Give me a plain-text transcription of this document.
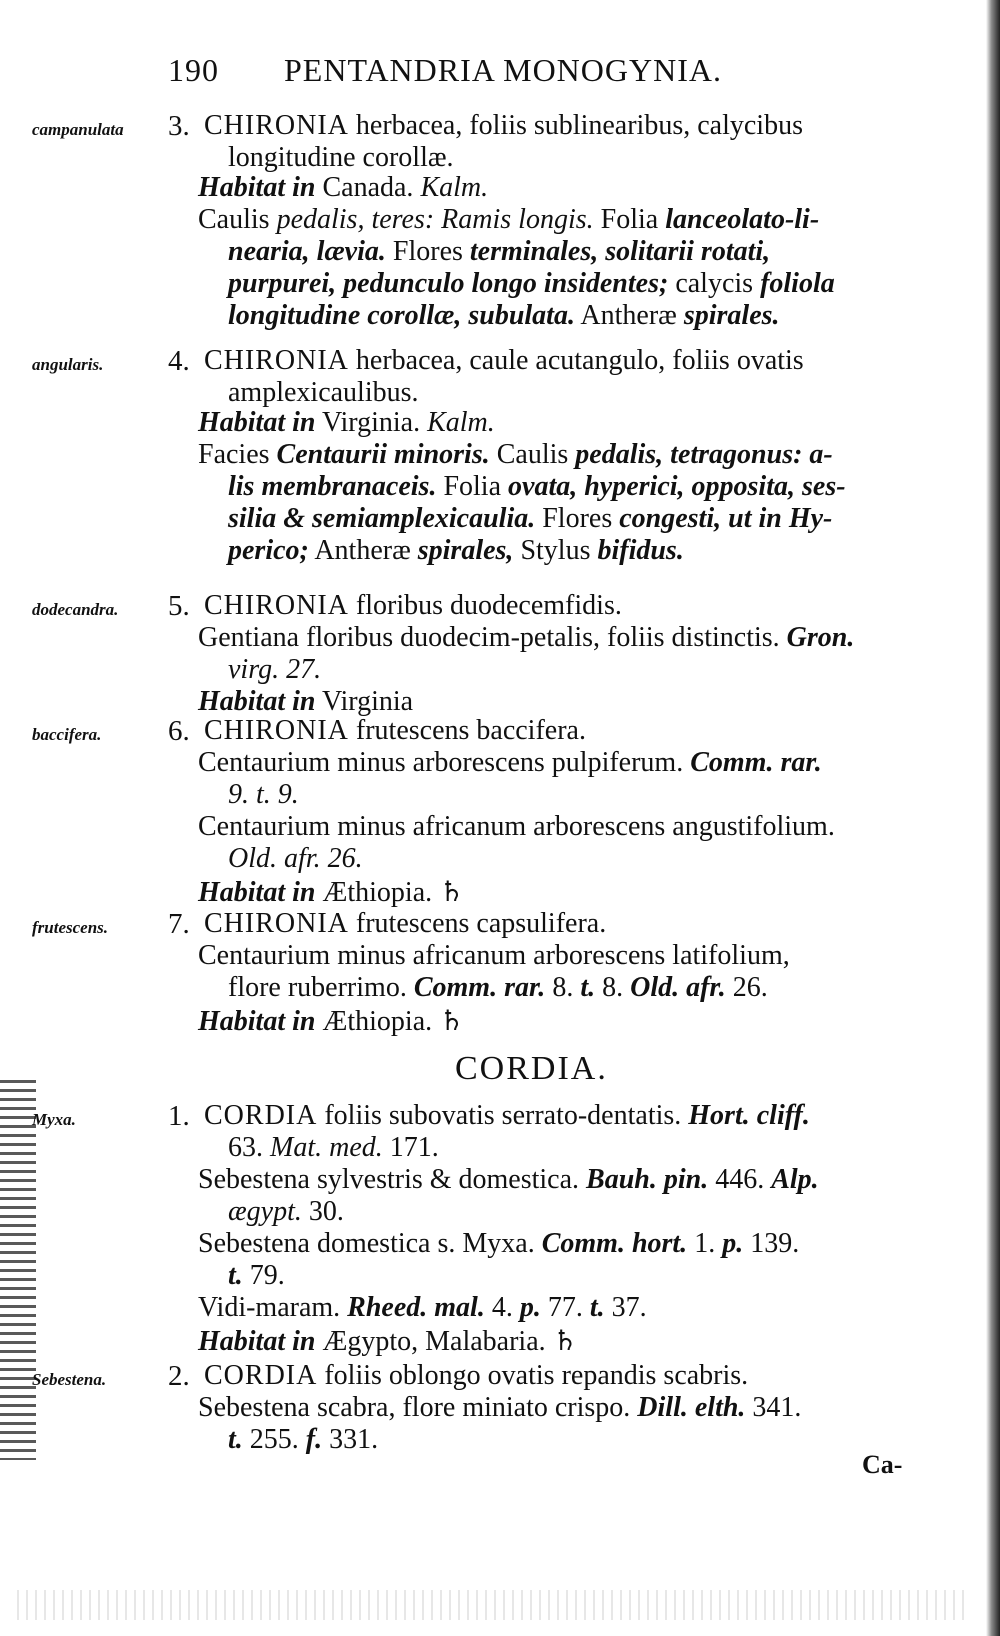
190 PENTANDRIA MONOGYNIA.
campanulata	3. CHIRONIA herbacea, foliis sublinearibus, calycibus
longitudine corollæ.
Habitat in Canada. Kalm.
Caulis pedalis, teres: Ramis longis. Folia lanceolato-li-
nearia, lævia. Flores terminales, solitarii rotati,
purpurei, pedunculo longo insidentes; calycis foliola
longitudine corollæ, subulata. Antheræ spirales.
angularis.	4. CHIRONIA herbacea, caule acutangulo, foliis ovatis
amplexicaulibus.
Habitat in Virginia. Kalm.
Facies Centaurii minoris. Caulis pedalis, tetragonus: a-
lis membranaceis. Folia ovata, hyperici, opposita, ses-
silia & semiamplexicaulia. Flores congesti, ut in Hy-
perico; Antheræ spirales, Stylus bifidus.
dodecandra.	5. CHIRONIA floribus duodecemfidis.
Gentiana floribus duodecim-petalis, foliis distinctis. Gron.
virg. 27.
Habitat in Virginia
baccifera.	6. CHIRONIA frutescens baccifera.
Centaurium minus arborescens pulpiferum. Comm. rar.
9. t. 9.
Centaurium minus africanum arborescens angustifolium.
Old. afr. 26.
Habitat in Æthiopia. ♄
frutescens.	7. CHIRONIA frutescens capsulifera.
Centaurium minus africanum arborescens latifolium,
flore ruberrimo. Comm. rar. 8. t. 8. Old. afr. 26.
Habitat in Æthiopia. ♄
CORDIA.
Myxa.	1. CORDIA foliis subovatis serrato-dentatis. Hort. cliff.
63. Mat. med. 171.
Sebestena sylvestris & domestica. Bauh. pin. 446. Alp.
ægypt. 30.
Sebestena domestica s. Myxa. Comm. hort. 1. p. 139.
t. 79.
Vidi-maram. Rheed. mal. 4. p. 77. t. 37.
Habitat in Ægypto, Malabaria. ♄
Sebestena.	2. CORDIA foliis oblongo ovatis repandis scabris.
Sebestena scabra, flore miniato crispo. Dill. elth. 341.
t. 255. f. 331.
Ca-
